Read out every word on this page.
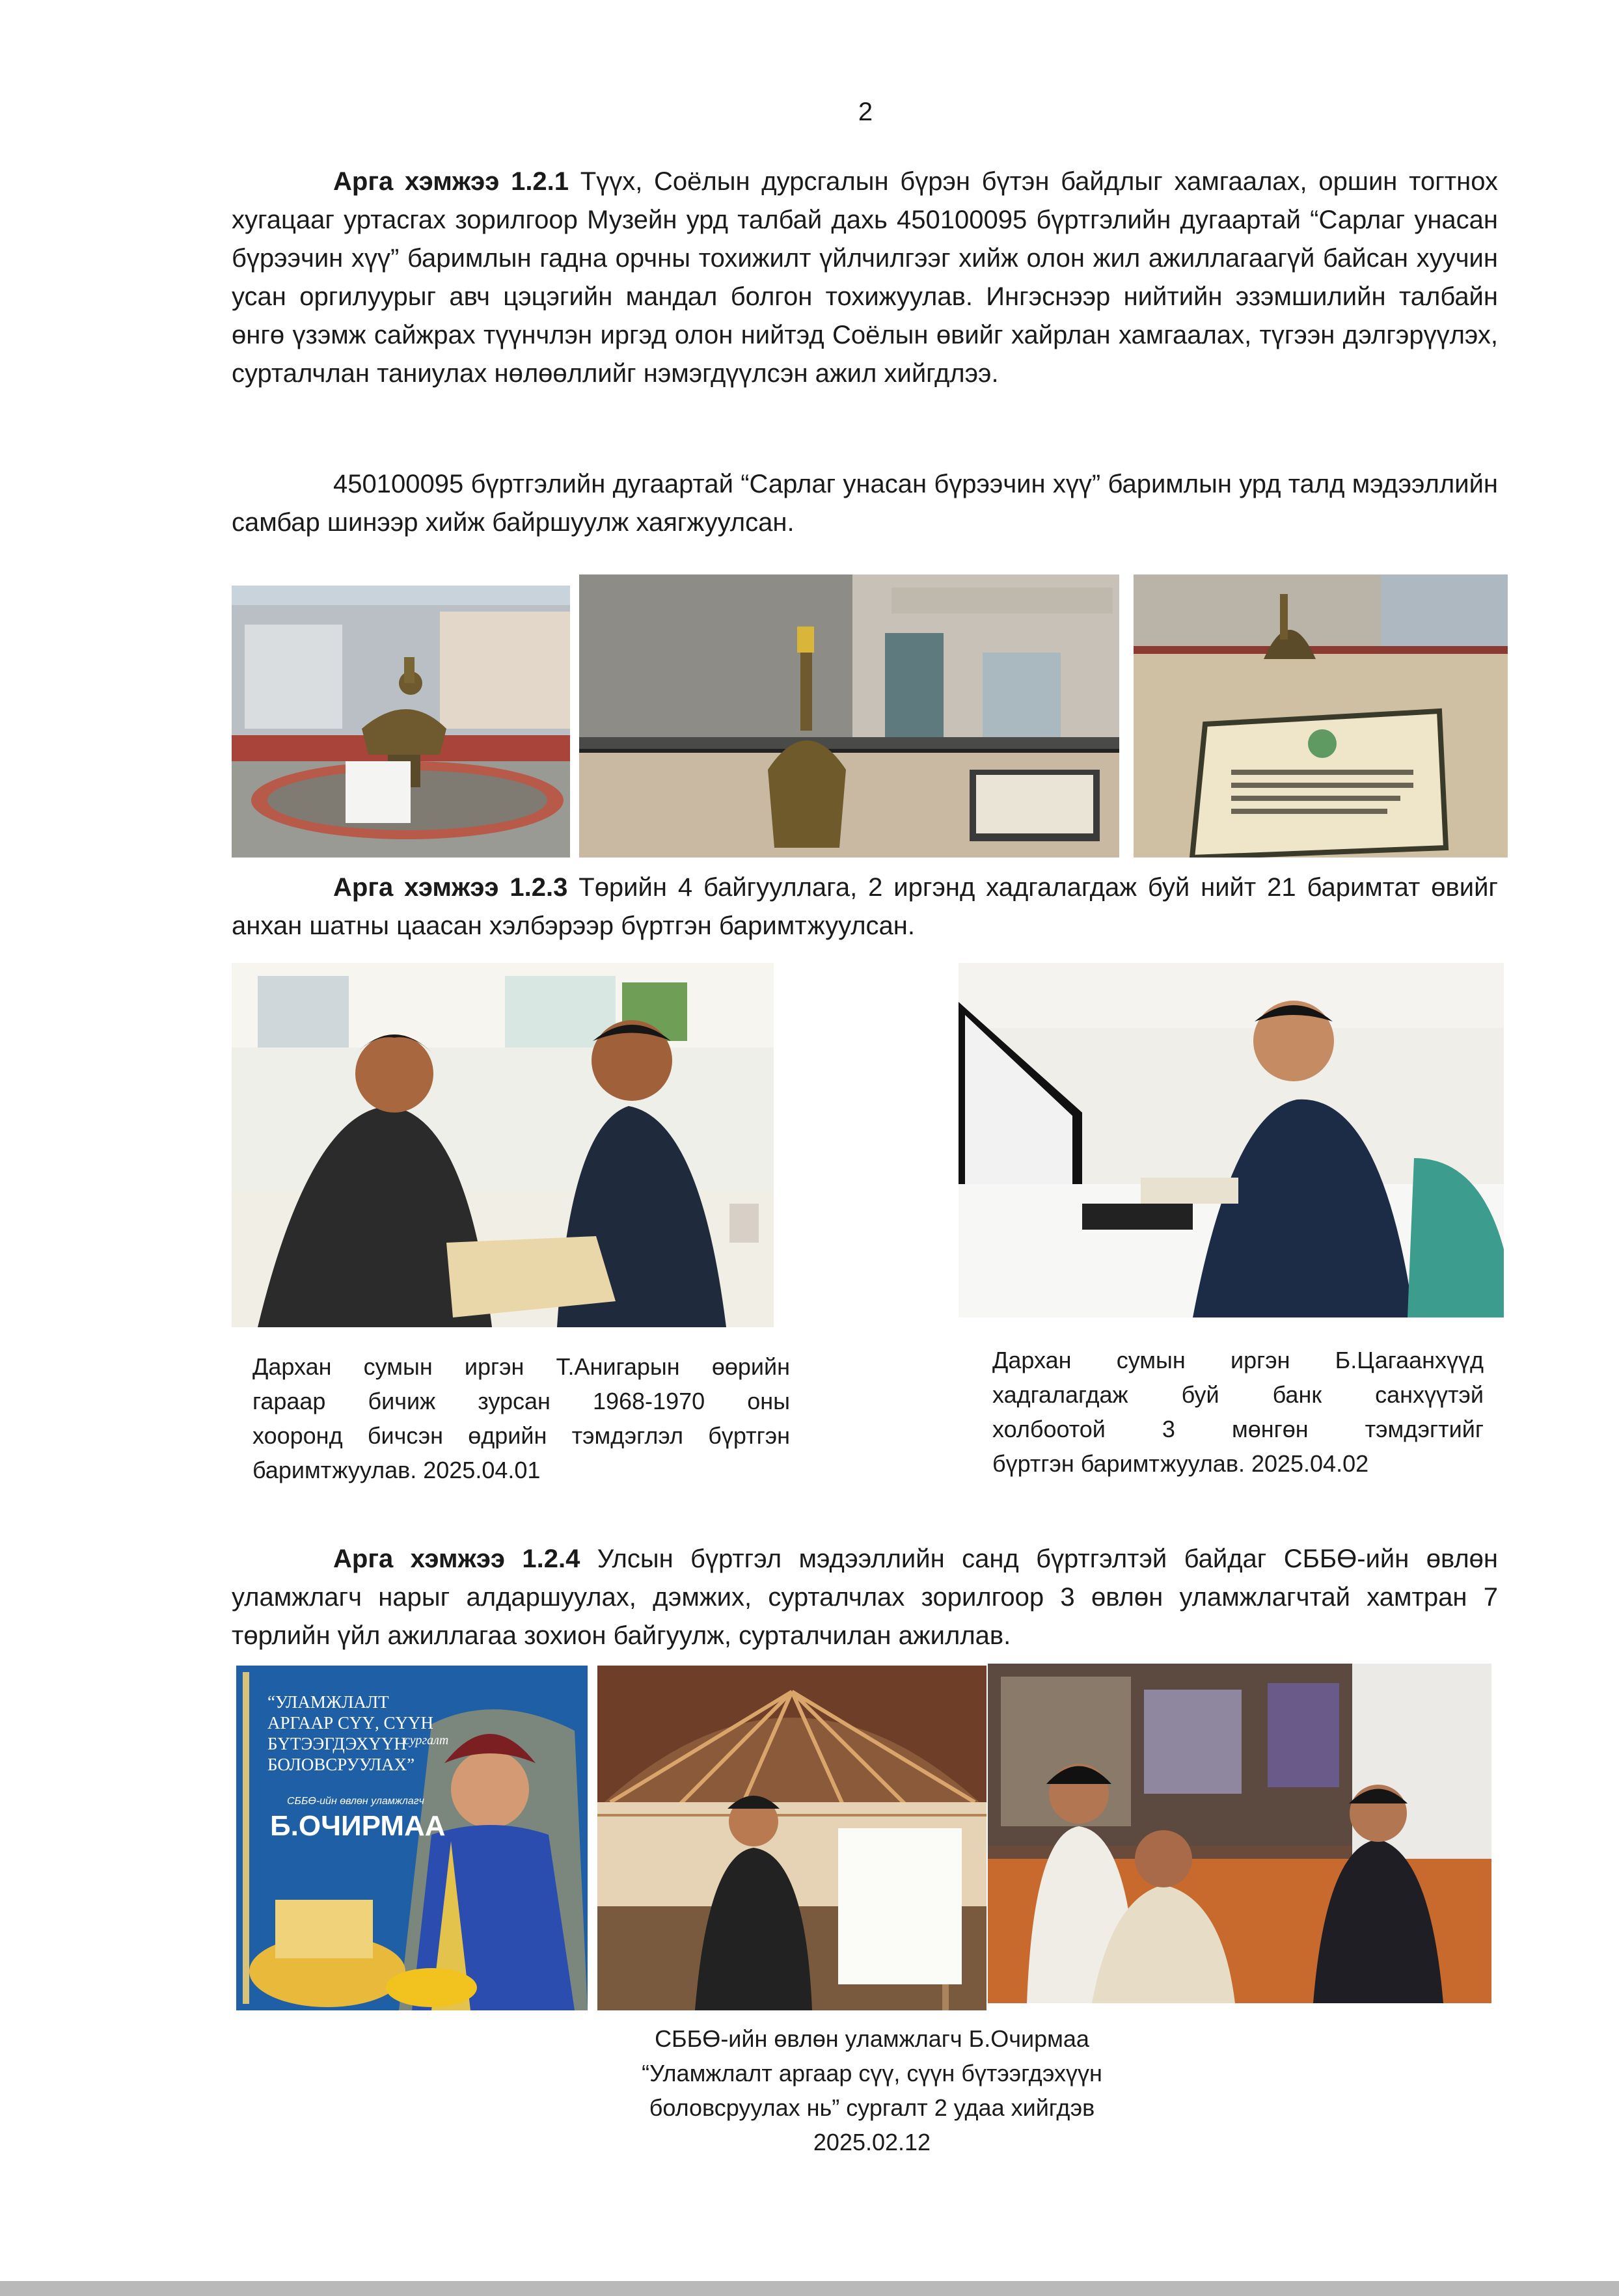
2

Арга хэмжээ 1.2.1 Түүх, Соёлын дурсгалын бүрэн бүтэн байдлыг хамгаалах, оршин тогтнох хугацааг уртасгах зорилгоор Музейн урд талбай дахь 450100095 бүртгэлийн дугаартай “Сарлаг унасан бүрээчин хүү” баримлын гадна орчны тохижилт үйлчилгээг хийж олон жил ажиллагаагүй байсан хуучин усан оргилуурыг авч цэцэгийн мандал болгон тохижуулав. Ингэснээр нийтийн эзэмшилийн талбайн өнгө үзэмж сайжрах түүнчлэн иргэд олон нийтэд Соёлын өвийг хайрлан хамгаалах, түгээн дэлгэрүүлэх, сурталчлан таниулах нөлөөллийг нэмэгдүүлсэн ажил хийгдлээ.

450100095 бүртгэлийн дугаартай “Сарлаг унасан бүрээчин хүү” баримлын урд талд мэдээллийн самбар шинээр хийж байршуулж хаягжуулсан.

Арга хэмжээ 1.2.3 Төрийн 4 байгууллага, 2 иргэнд хадгалагдаж буй нийт 21 баримтат өвийг анхан шатны цаасан хэлбэрээр бүртгэн баримтжуулсан.

Дархан сумын иргэн Т.Анигарын өөрийн
гараар бичиж зурсан 1968-1970 оны
хооронд бичсэн өдрийн тэмдэглэл бүртгэн
баримтжуулав. 2025.04.01
Дархан сумын иргэн Б.Цагаанхүүд
хадгалагдаж буй банк санхүүтэй
холбоотой 3 мөнгөн тэмдэгтийг
бүртгэн баримтжуулав. 2025.04.02

Арга хэмжээ 1.2.4 Улсын бүртгэл мэдээллийн санд бүртгэлтэй байдаг СББӨ-ийн өвлөн уламжлагч нарыг алдаршуулах, дэмжих, сурталчлах зорилгоор 3 өвлөн уламжлагчтай хамтран 7 төрлийн үйл ажиллагаа зохион байгуулж, сурталчилан ажиллав.

“УЛАМЖЛАЛТ АРГААР СҮҮ, СҮҮН БҮТЭЭГДЭХҮҮН БОЛОВСРУУЛАХ”
сургалт
СББӨ-ийн өвлөн уламжлагч
Б.ОЧИРМАА
СББӨ-ийн өвлөн уламжлагч Б.Очирмаа
“Уламжлалт аргаар сүү, сүүн бүтээгдэхүүн
боловсруулах нь” сургалт 2 удаа хийгдэв
2025.02.12
